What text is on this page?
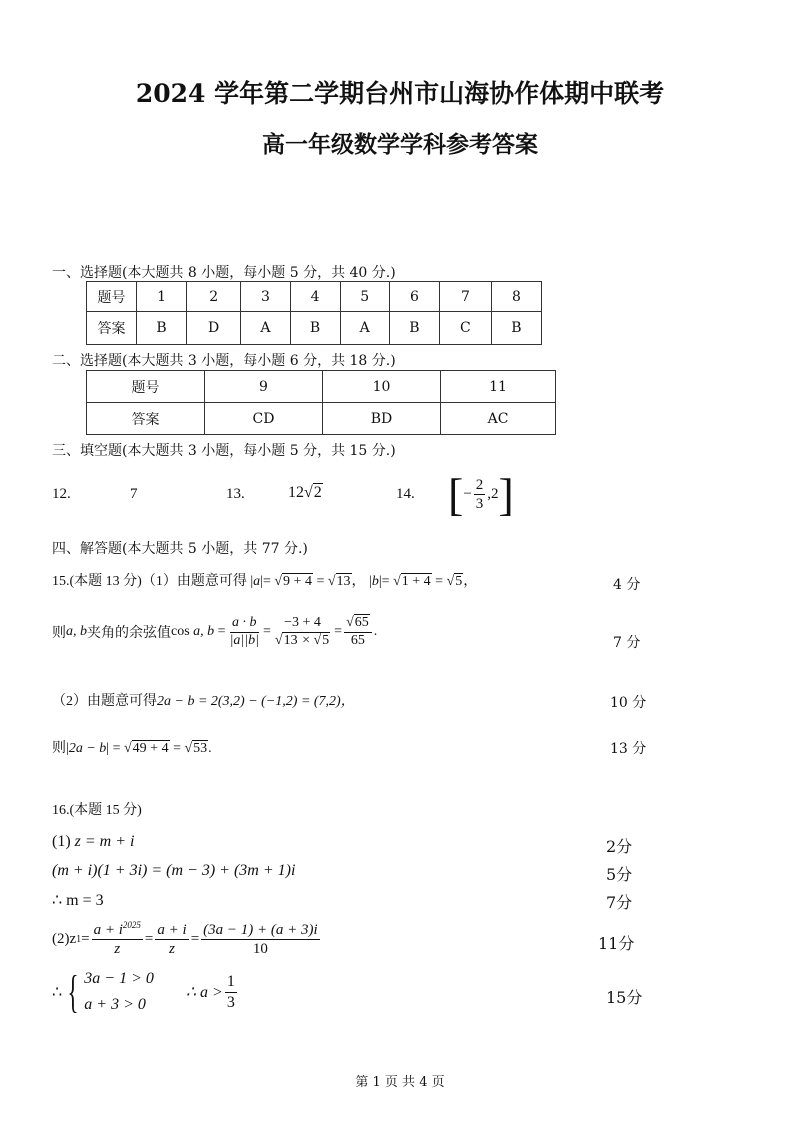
2024 学年第二学期台州市山海协作体期中联考
高一年级数学学科参考答案
一、选择题(本大题共 8 小题，每小题 5 分，共 40 分.)
题号	1	2	3	4	5	6	7	8
答案	B	D	A	B	A	B	C	B
二、选择题(本大题共 3 小题，每小题 6 分，共 18 分.)
题号	9	10	11
答案	CD	BD	AC
三、填空题(本大题共 3 小题，每小题 5 分，共 15 分.)
12.	7	13.	12√2	14. [− $\frac{2}{3} ,2$]
四、解答题(本大题共 5 小题，共 77 分.)
15.(本题 13 分)（1）由题意可得 |a|= √9 + 4 = √13， |b|= √1 + 4 = √5，	4 分
则 a, b 夹角的余弦值 cos
a, $b = \frac{a \cdot b}{|a||b|} = \frac{-3 + 4}{√13 \times √5} = \frac{√65}{65}$ .
7 分
（2）由题意可得2a − b = 2(3,2) − (−1,2) = (7,2)，	10 分
则|2a − b| = √49 + 4 = √53.	13 分
16.(本题 15 分)
(1) z = m + i	2分
(m + i)(1 + 3i) = (m − 3) + (3m + 1)i	5分
∴ m = 3	7分
(2)z $1 = \frac{a + i^{2025}}{z} = \frac{a + i}{z} = \frac{(3a - 1) + (a + 3)i}{10}$	11分
∴ { 3a − 1 > 0
a + 3 > 0
∴ $a > \frac{1}{3}$	15分
第 1 页 共 4 页
